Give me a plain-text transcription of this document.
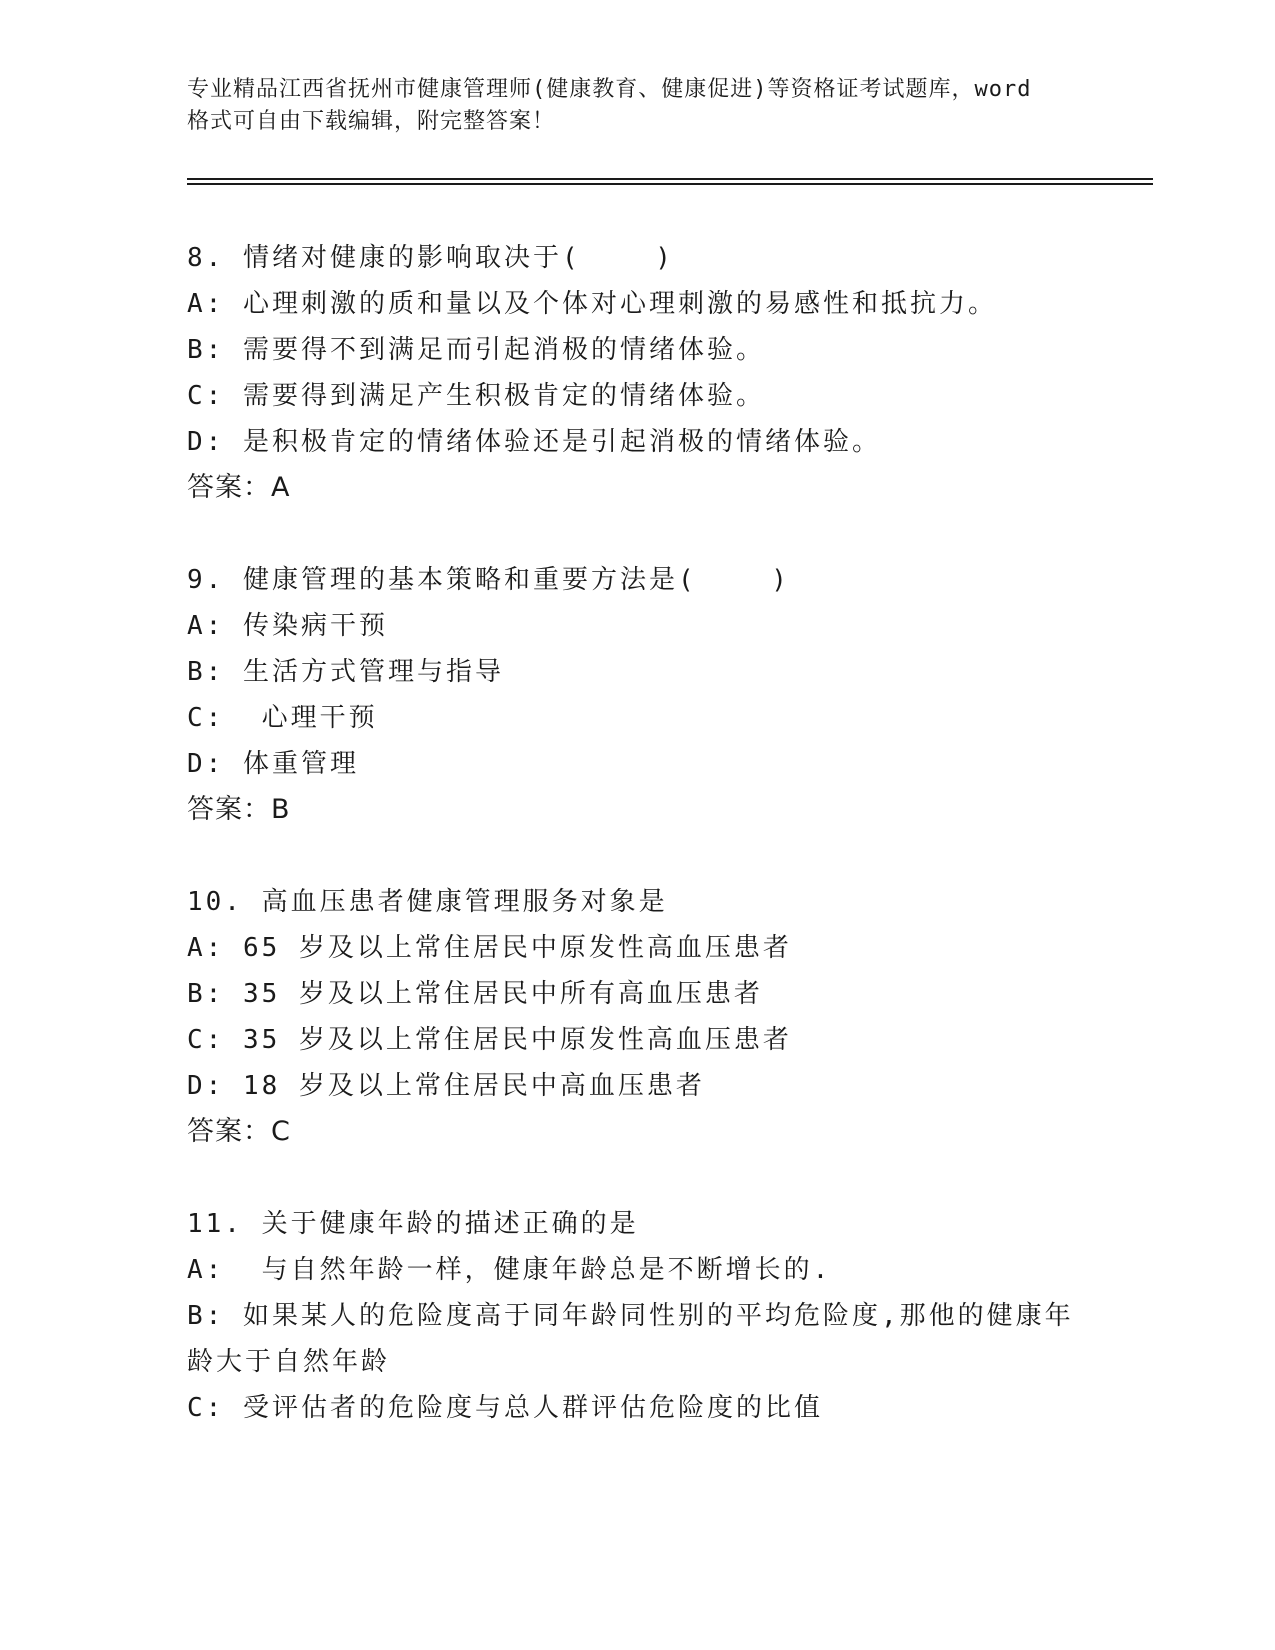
专业精品江西省抚州市健康管理师(健康教育、健康促进)等资格证考试题库，word
格式可自由下载编辑，附完整答案！
8. 情绪对健康的影响取决于(    )
A: 心理刺激的质和量以及个体对心理刺激的易感性和抵抗力。
B: 需要得不到满足而引起消极的情绪体验。
C: 需要得到满足产生积极肯定的情绪体验。
D: 是积极肯定的情绪体验还是引起消极的情绪体验。
答案：A
9. 健康管理的基本策略和重要方法是(    )
A: 传染病干预
B: 生活方式管理与指导
C:  心理干预
D: 体重管理
答案：B
10. 高血压患者健康管理服务对象是
A: 65 岁及以上常住居民中原发性高血压患者
B: 35 岁及以上常住居民中所有高血压患者
C: 35 岁及以上常住居民中原发性高血压患者
D: 18 岁及以上常住居民中高血压患者
答案：C
11. 关于健康年龄的描述正确的是
A:  与自然年龄一样，健康年龄总是不断增长的.
B: 如果某人的危险度高于同年龄同性别的平均危险度,那他的健康年
龄大于自然年龄
C: 受评估者的危险度与总人群评估危险度的比值
